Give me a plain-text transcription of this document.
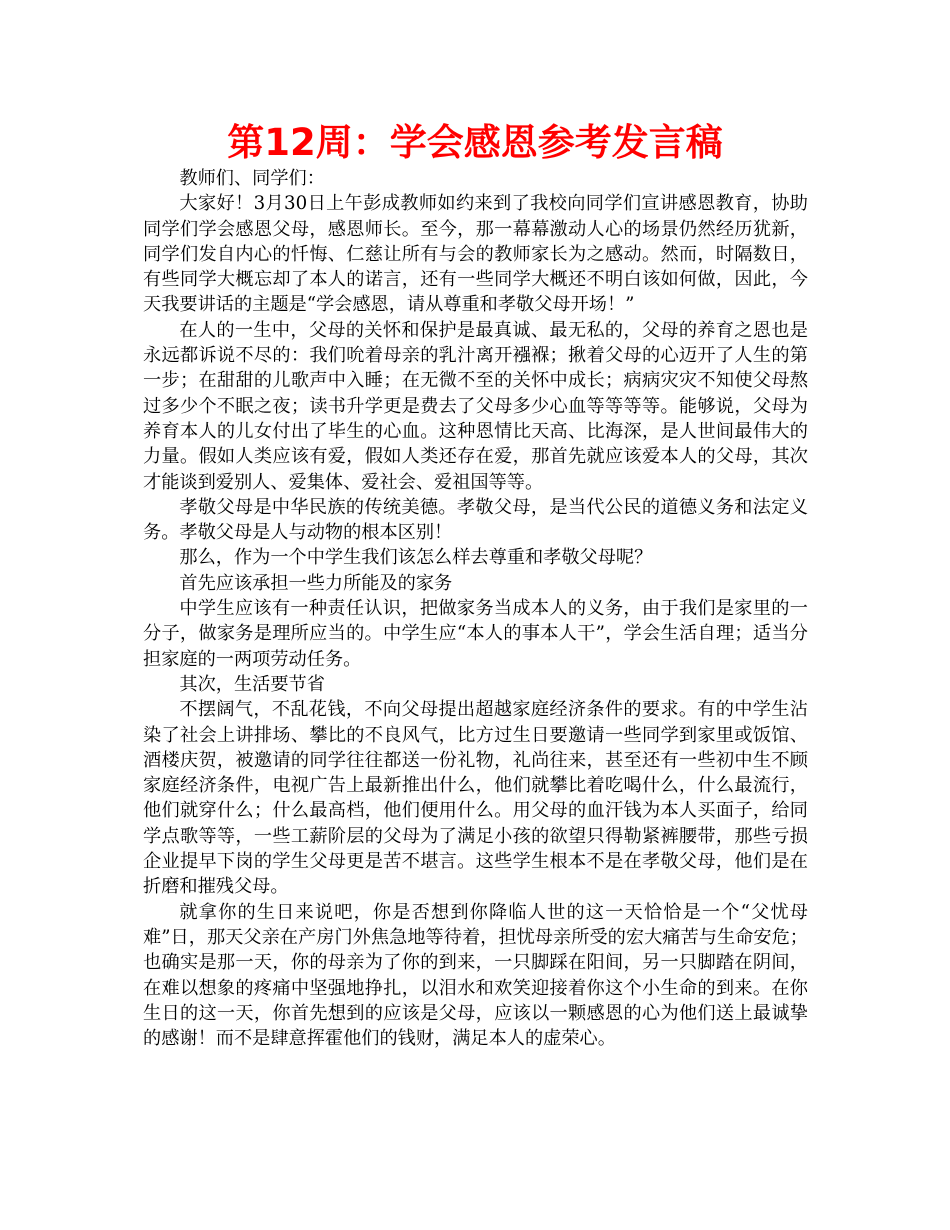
第12周：学会感恩参考发言稿

教师们、同学们：

大家好！3月30日上午彭成教师如约来到了我校向同学们宣讲感恩教育，协助同学们学会感恩父母，感恩师长。至今，那一幕幕激动人心的场景仍然经历犹新，同学们发自内心的忏悔、仁慈让所有与会的教师家长为之感动。然而，时隔数日，有些同学大概忘却了本人的诺言，还有一些同学大概还不明白该如何做，因此，今天我要讲话的主题是“学会感恩，请从尊重和孝敬父母开场！”

在人的一生中，父母的关怀和保护是最真诚、最无私的，父母的养育之恩也是永远都诉说不尽的：我们吮着母亲的乳汁离开襁褓；揪着父母的心迈开了人生的第一步；在甜甜的儿歌声中入睡；在无微不至的关怀中成长；病病灾灾不知使父母熬过多少个不眠之夜；读书升学更是费去了父母多少心血等等等等。能够说，父母为养育本人的儿女付出了毕生的心血。这种恩情比天高、比海深，是人世间最伟大的力量。假如人类应该有爱，假如人类还存在爱，那首先就应该爱本人的父母，其次才能谈到爱别人、爱集体、爱社会、爱祖国等等。

孝敬父母是中华民族的传统美德。孝敬父母，是当代公民的道德义务和法定义务。孝敬父母是人与动物的根本区别！

那么，作为一个中学生我们该怎么样去尊重和孝敬父母呢？

首先应该承担一些力所能及的家务

中学生应该有一种责任认识，把做家务当成本人的义务，由于我们是家里的一分子，做家务是理所应当的。中学生应“本人的事本人干”，学会生活自理；适当分担家庭的一两项劳动任务。

其次，生活要节省

不摆阔气，不乱花钱，不向父母提出超越家庭经济条件的要求。有的中学生沾染了社会上讲排场、攀比的不良风气，比方过生日要邀请一些同学到家里或饭馆、酒楼庆贺，被邀请的同学往往都送一份礼物，礼尚往来，甚至还有一些初中生不顾家庭经济条件，电视广告上最新推出什么，他们就攀比着吃喝什么，什么最流行，他们就穿什么；什么最高档，他们便用什么。用父母的血汗钱为本人买面子，给同学点歌等等，一些工薪阶层的父母为了满足小孩的欲望只得勒紧裤腰带，那些亏损企业提早下岗的学生父母更是苦不堪言。这些学生根本不是在孝敬父母，他们是在折磨和摧残父母。

就拿你的生日来说吧，你是否想到你降临人世的这一天恰恰是一个“父忧母难”日，那天父亲在产房门外焦急地等待着，担忧母亲所受的宏大痛苦与生命安危；也确实是那一天，你的母亲为了你的到来，一只脚踩在阳间，另一只脚踏在阴间，在难以想象的疼痛中坚强地挣扎，以泪水和欢笑迎接着你这个小生命的到来。在你生日的这一天，你首先想到的应该是父母，应该以一颗感恩的心为他们送上最诚挚的感谢！而不是肆意挥霍他们的钱财，满足本人的虚荣心。
